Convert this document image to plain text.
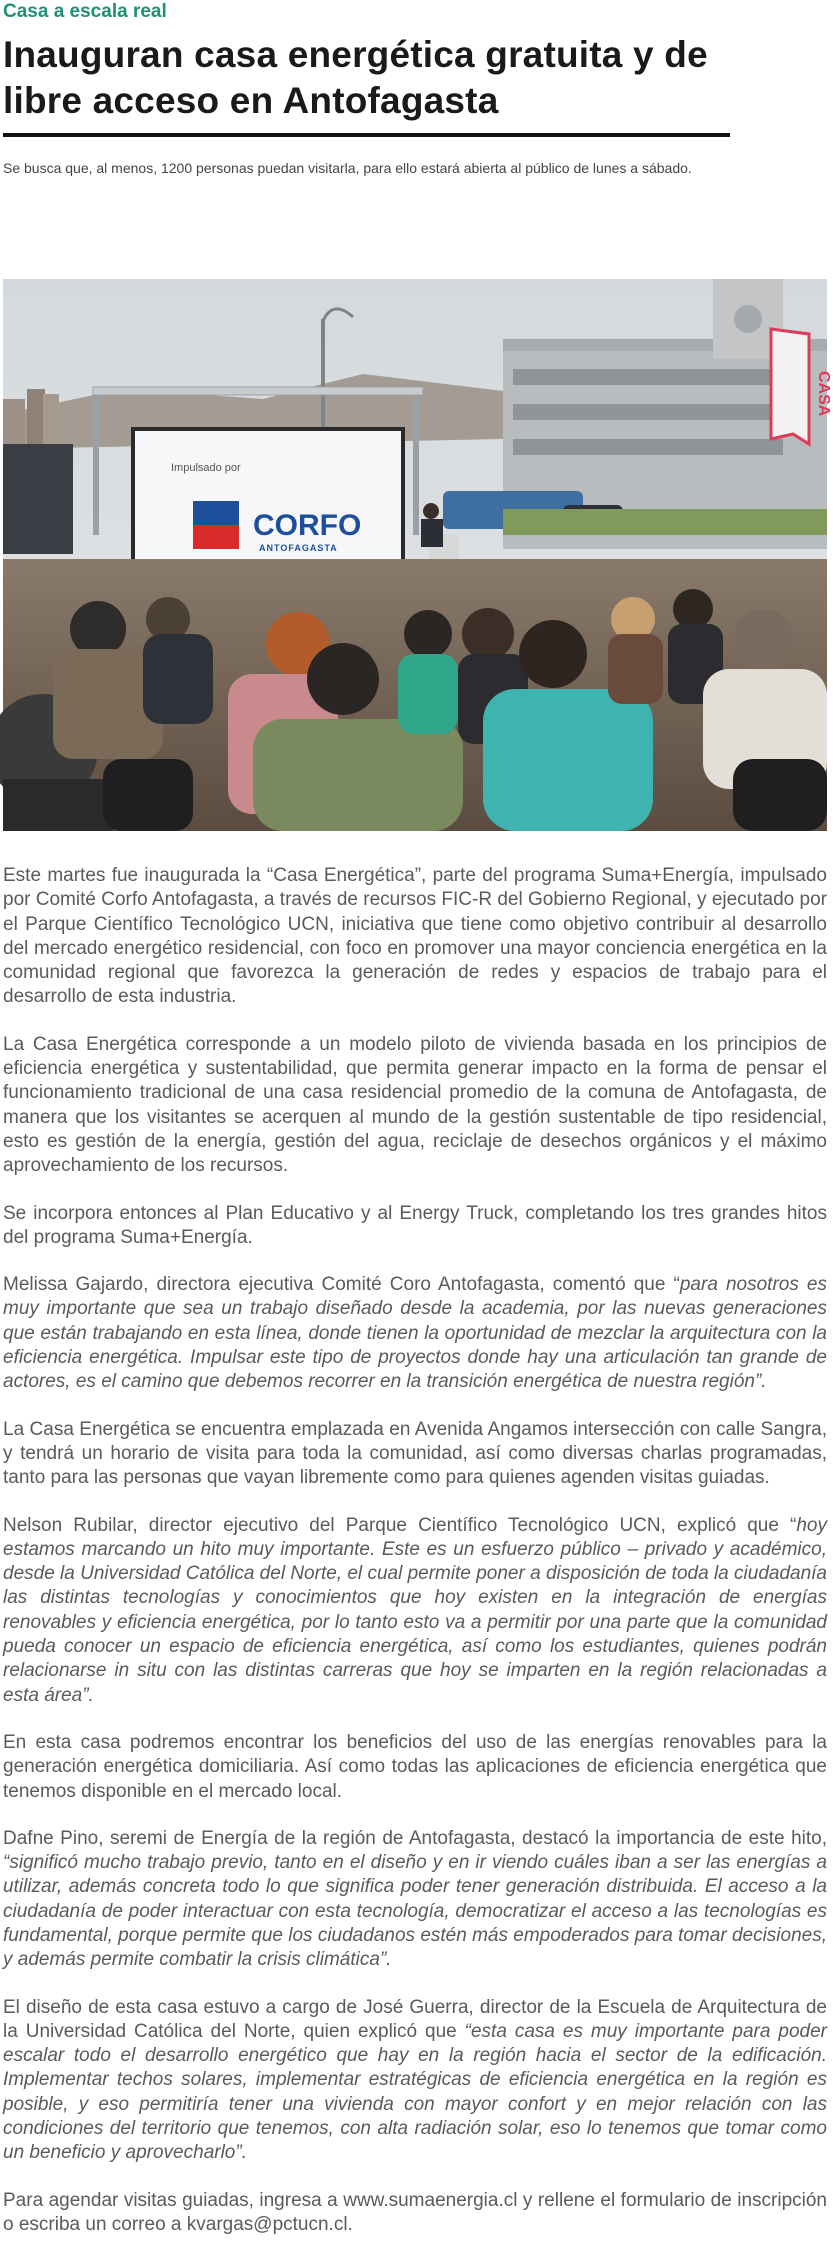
Casa a escala real
Inauguran casa energética gratuita y de libre acceso en Antofagasta
Se busca que, al menos, 1200 personas puedan visitarla, para ello estará abierta al público de lunes a sábado.
CASA
Impulsado por
CORFO
ANTOFAGASTA

Este martes fue inaugurada la “Casa Energética”, parte del programa Suma+Energía, impulsado por Comité Corfo Antofagasta, a través de recursos FIC-R del Gobierno Regional, y ejecutado por el Parque Científico Tecnológico UCN, iniciativa que tiene como objetivo contribuir al desarrollo del mercado energético residencial, con foco en promover una mayor conciencia energética en la comunidad regional que favorezca la generación de redes y espacios de trabajo para el desarrollo de esta industria.

La Casa Energética corresponde a un modelo piloto de vivienda basada en los principios de eficiencia energética y sustentabilidad, que permita generar impacto en la forma de pensar el funcionamiento tradicional de una casa residencial promedio de la comuna de Antofagasta, de manera que los visitantes se acerquen al mundo de la gestión sustentable de tipo residencial, esto es gestión de la energía, gestión del agua, reciclaje de desechos orgánicos y el máximo aprovechamiento de los recursos.

Se incorpora entonces al Plan Educativo y al Energy Truck, completando los tres grandes hitos del programa Suma+Energía.

Melissa Gajardo, directora ejecutiva Comité Coro Antofagasta, comentó que “para nosotros es muy importante que sea un trabajo diseñado desde la academia, por las nuevas generaciones que están trabajando en esta línea, donde tienen la oportunidad de mezclar la arquitectura con la eficiencia energética. Impulsar este tipo de proyectos donde hay una articulación tan grande de actores, es el camino que debemos recorrer en la transición energética de nuestra región”.

La Casa Energética se encuentra emplazada en Avenida Angamos intersección con calle Sangra, y tendrá un horario de visita para toda la comunidad, así como diversas charlas programadas, tanto para las personas que vayan libremente como para quienes agenden visitas guiadas.

Nelson Rubilar, director ejecutivo del Parque Científico Tecnológico UCN, explicó que “hoy estamos marcando un hito muy importante. Este es un esfuerzo público – privado y académico, desde la Universidad Católica del Norte, el cual permite poner a disposición de toda la ciudadanía las distintas tecnologías y conocimientos que hoy existen en la integración de energías renovables y eficiencia energética, por lo tanto esto va a permitir por una parte que la comunidad pueda conocer un espacio de eficiencia energética, así como los estudiantes, quienes podrán relacionarse in situ con las distintas carreras que hoy se imparten en la región relacionadas a esta área”.

En esta casa podremos encontrar los beneficios del uso de las energías renovables para la generación energética domiciliaria. Así como todas las aplicaciones de eficiencia energética que tenemos disponible en el mercado local.

Dafne Pino, seremi de Energía de la región de Antofagasta, destacó la importancia de este hito, “significó mucho trabajo previo, tanto en el diseño y en ir viendo cuáles iban a ser las energías a utilizar, además concreta todo lo que significa poder tener generación distribuida. El acceso a la ciudadanía de poder interactuar con esta tecnología, democratizar el acceso a las tecnologías es fundamental, porque permite que los ciudadanos estén más empoderados para tomar decisiones, y además permite combatir la crisis climática”.

El diseño de esta casa estuvo a cargo de José Guerra, director de la Escuela de Arquitectura de la Universidad Católica del Norte, quien explicó que “esta casa es muy importante para poder escalar todo el desarrollo energético que hay en la región hacia el sector de la edificación. Implementar techos solares, implementar estratégicas de eficiencia energética en la región es posible, y eso permitiría tener una vivienda con mayor confort y en mejor relación con las condiciones del territorio que tenemos, con alta radiación solar, eso lo tenemos que tomar como un beneficio y aprovecharlo”.

Para agendar visitas guiadas, ingresa a www.sumaenergia.cl y rellene el formulario de inscripción o escriba un correo a kvargas@pctucn.cl.
